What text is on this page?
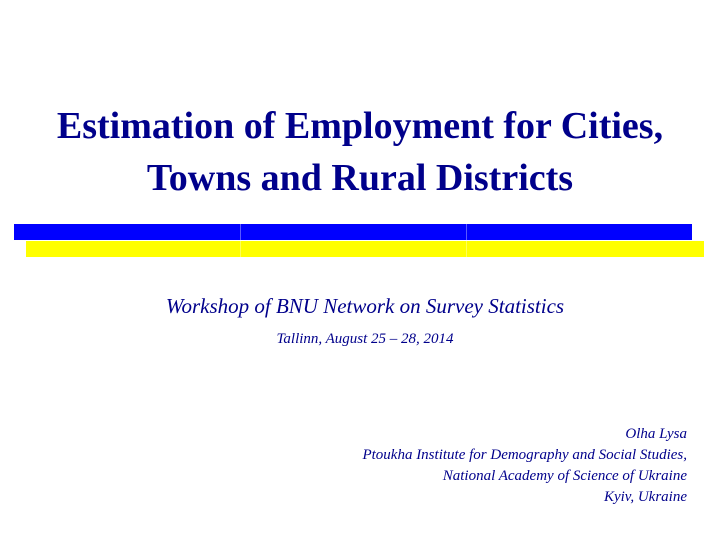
Estimation of Employment for Cities,
Towns and Rural Districts
Workshop of BNU Network on Survey Statistics
Tallinn, August 25 – 28, 2014
Olha Lysa
Ptoukha Institute for Demography and Social Studies,
National Academy of Science of Ukraine
Kyiv, Ukraine
